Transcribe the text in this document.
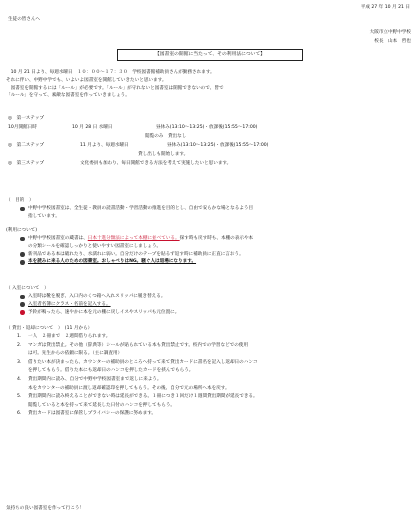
平成 27 年 10 月 21 日
生徒の皆さんへ
大阪市立中野中学校
校長　山本　哲也
【図書室の開館に当たって、その利用法について】

　10 月 21 日より、毎週水曜日　１０：００～１７：３０　学校図書館補助員さんが勤務されます。

それに伴い、中野中学でも、いよいよ図書室を開館していきたいと思います。

　図書室を開館するには「ルール」が必要です。「ルール」が守れないと図書室は開館できないので、皆で

「ルール」を守って、素敵な図書室を作っていきましょう。

◎　第一ステップ
10月開館日時	10 月 28 日 水曜日	昼休み(13:10～13:25)・放課後(15:55～17:00)
閲覧のみ　貸出なし
◎　第二ステップ	11 月より、毎週水曜日	昼休み(13:10～13:25)・放課後(15:55～17:00)
貸し出しも開始します。
◎　第三ステップ	文化委員も加わり、毎日開館できる方法を考えて実施したいと思います。
（　目的　）
中野中学校図書室は、全生徒・教員の読書活動・学習活動の推進を目的とし、自由で安らかな場となるよう目
指しています。
(利用について)
中野中学校図書室の蔵書は、日本十進分類法によって本棚に並べている。探す時も戻す時も、本棚の表示や本
の分類シールを確認しっかりと使いやすい図書室にしましょう。
新刊品である本は破れたり、水濡れに弱い。自分だけのテープを貼るず返す時に補助員に正直に言おう。
本を読みに来る人のための図書室。おしゃべりはNG。騒ぐ人は退場になります。
（ 入室について　）
入室時は靴を脱ぎ、入口内のくつ箱へ入れスリッパに履き替える。
入室者名簿にクラス・名前を記入する。
予鈴が鳴ったら、速やかに本を元の棚に戻しイスやスリッパも元位置に。
（ 貸出・返却について　）　(11 月から）
1. 一人　２冊まで　２週間借りられます。
2. マンガは貸出禁止。その他（辞典等）シールが貼られている本も貸出禁止です。校内での学習などでの使用
は可。先生からの依頼に限る。（主に調査用）
3. 借りたい本が決まったら、カウンターの補助員のところへ持って来て貸出カードに書名を記入し返却日のハンコ
を押してもらう。借りた本にも返却日のハンコを押したカードを挟んでもらう。
4. 貸出期間内に読み、自分で中野中学校図書室まで返しに来よう。
本をカウンターの補助員に渡し返却確認印を押してもらう。その後、自分で元の場所へ本を戻す。
5. 貸出期間内に読み終えることができない時は延長ができる。１冊につき１回だけ１週間貸出期間が延長できる。
閲覧していると本を持って来て延長した日付のハンコを押してもらう。
6. 貸出カードは図書室に保管しプライバシーの保護に努めます。
気持ちの良い図書室を作って行こう！
